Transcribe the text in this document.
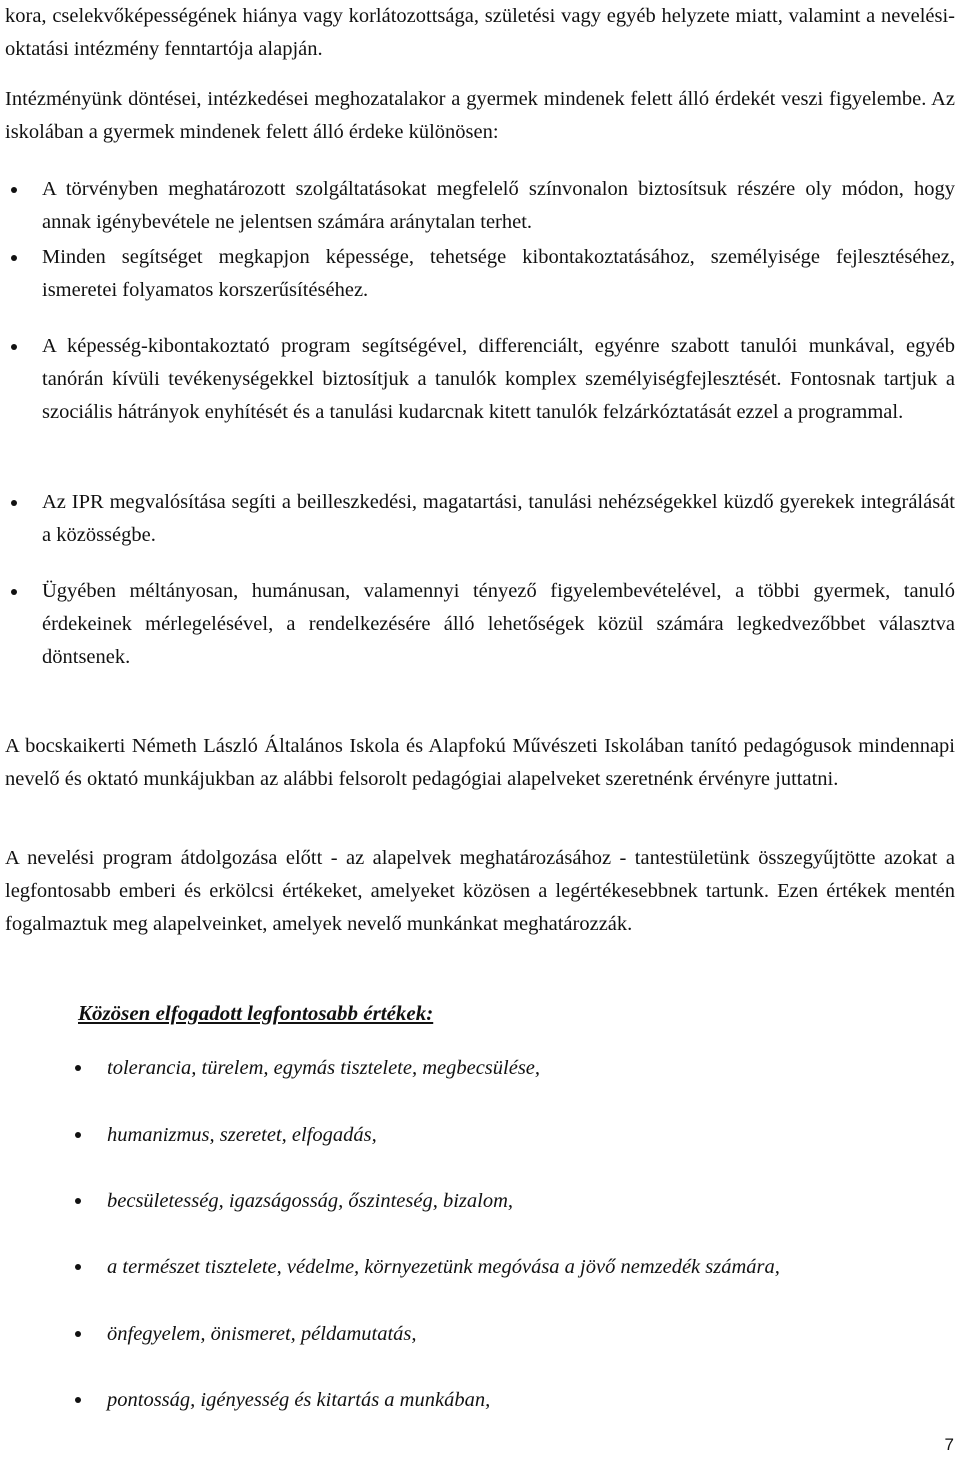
kora, cselekvőképességének hiánya vagy korlátozottsága, születési vagy egyéb helyzete miatt, valamint a nevelési-oktatási intézmény fenntartója alapján.

Intézményünk döntései, intézkedései meghozatalakor a gyermek mindenek felett álló érdekét veszi figyelembe. Az iskolában a gyermek mindenek felett álló érdeke különösen:

A törvényben meghatározott szolgáltatásokat megfelelő színvonalon biztosítsuk részére oly módon, hogy annak igénybevétele ne jelentsen számára aránytalan terhet.

Minden segítséget megkapjon képessége, tehetsége kibontakoztatásához, személyisége fejlesztéséhez, ismeretei folyamatos korszerűsítéséhez.

A képesség-kibontakoztató program segítségével, differenciált, egyénre szabott tanulói munkával, egyéb tanórán kívüli tevékenységekkel biztosítjuk a tanulók komplex személyiségfejlesztését. Fontosnak tartjuk a szociális hátrányok enyhítését és a tanulási kudarcnak kitett tanulók felzárkóztatását ezzel a programmal.

Az IPR megvalósítása segíti a beilleszkedési, magatartási, tanulási nehézségekkel küzdő gyerekek integrálását a közösségbe.

Ügyében méltányosan, humánusan, valamennyi tényező figyelembevételével, a többi gyermek, tanuló érdekeinek mérlegelésével, a rendelkezésére álló lehetőségek közül számára legkedvezőbbet választva döntsenek.

A bocskaikerti Németh László Általános Iskola és Alapfokú Művészeti Iskolában tanító pedagógusok mindennapi nevelő és oktató munkájukban az alábbi felsorolt pedagógiai alapelveket szeretnénk érvényre juttatni.

A nevelési program átdolgozása előtt - az alapelvek meghatározásához - tantestületünk összegyűjtötte azokat a legfontosabb emberi és erkölcsi értékeket, amelyeket közösen a legértékesebbnek tartunk. Ezen értékek mentén fogalmaztuk meg alapelveinket, amelyek nevelő munkánkat meghatározzák.

Közösen elfogadott legfontosabb értékek:

tolerancia, türelem, egymás tisztelete, megbecsülése,
humanizmus, szeretet, elfogadás,
becsületesség, igazságosság, őszinteség, bizalom,
a természet tisztelete, védelme, környezetünk megóvása a jövő nemzedék számára,
önfegyelem, önismeret, példamutatás,
pontosság, igényesség és kitartás a munkában,
7
